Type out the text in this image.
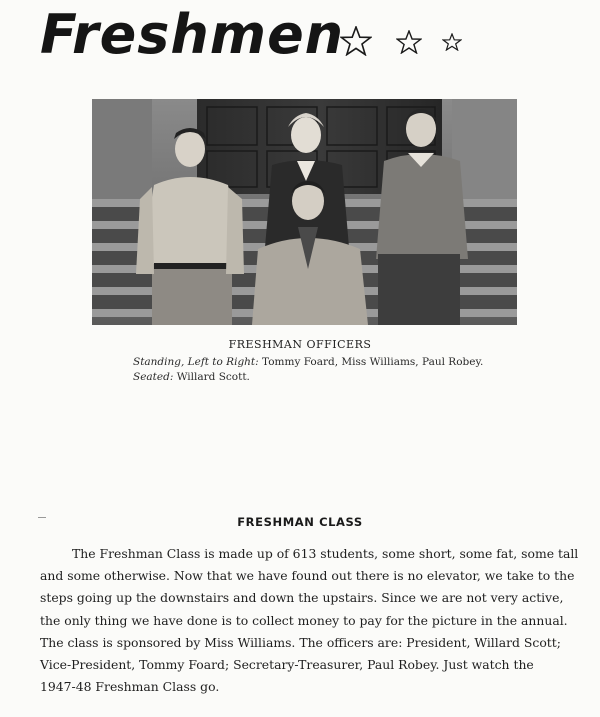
Freshmen
FRESHMAN OFFICERS
Standing, Left to Right: Tommy Foard, Miss Williams, Paul Robey.
Seated: Willard Scott.
FRESHMAN CLASS
The Freshman Class is made up of 613 students, some short, some fat, some tall
and some otherwise. Now that we have found out there is no elevator, we take to the
steps going up the downstairs and down the upstairs. Since we are not very active,
the only thing we have done is to collect money to pay for the picture in the annual.
The class is sponsored by Miss Williams. The officers are: President, Willard Scott;
Vice-President, Tommy Foard; Secretary-Treasurer, Paul Robey. Just watch the
1947-48 Freshman Class go.
